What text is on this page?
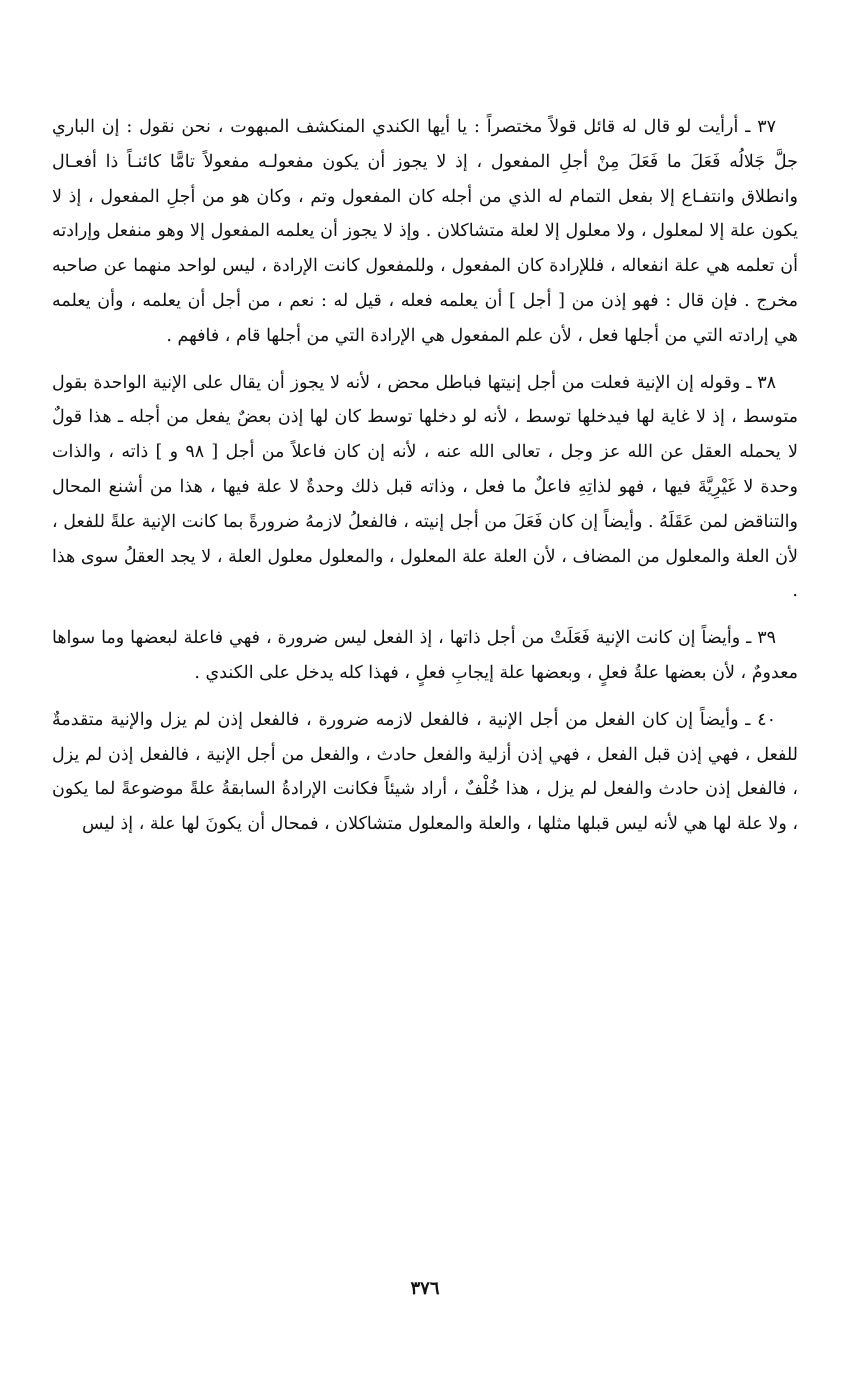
٣٧ ـ أرأيت لو قال له قائل قولاً مختصراً : يا أيها الكندي المنكشف المبهوت ، نحن نقول : إن الباري جلَّ جَلالُه فَعَلَ ما فَعَلَ مِنْ أجلِ المفعول ، إذ لا يجوز أن يكون مفعولـه مفعولاً تامًّا كائنـاً ذا أفعـال وانطلاق وانتفـاع إلا بفعل التمام له الذي من أجله كان المفعول وتم ، وكان هو من أجلِ المفعول ، إذ لا يكون علة إلا لمعلول ، ولا معلول إلا لعلة متشاكلان . وإذ لا يجوز أن يعلمه المفعول إلا وهو منفعل وإرادته أن تعلمه هي علة انفعاله ، فللإرادة كان المفعول ، وللمفعول كانت الإرادة ، ليس لواحد منهما عن صاحبه مخرج . فإن قال : فهو إذن من [ أجل ] أن يعلمه فعله ، قيل له : نعم ، من أجل أن يعلمه ، وأن يعلمه هي إرادته التي من أجلها فعل ، لأن علم المفعول هي الإرادة التي من أجلها قام ، فافهم .

٣٨ ـ وقوله إن الإنية فعلت من أجل إنيتها فباطل محض ، لأنه لا يجوز أن يقال على الإنية الواحدة بقول متوسط ، إذ لا غاية لها فيدخلها توسط ، لأنه لو دخلها توسط كان لها إذن بعضٌ يفعل من أجله ـ هذا قولٌ لا يحمله العقل عن الله عز وجل ، تعالى الله عنه ، لأنه إن كان فاعلاً من أجل [ ٩٨ و ] ذاته ، والذات وحدة لا غَيْرِيَّةَ فيها ، فهو لذاتِهِ فاعلٌ ما فعل ، وذاته قبل ذلك وحدةٌ لا علة فيها ، هذا من أشنع المحال والتناقض لمن عَقَلَهُ . وأيضاً إن كان فَعَلَ من أجل إنيته ، فالفعلُ لازمهُ ضرورةً بما كانت الإنية علةً للفعل ، لأن العلة والمعلول من المضاف ، لأن العلة علة المعلول ، والمعلول معلول العلة ، لا يجد العقلُ سوى هذا .

٣٩ ـ وأيضاً إن كانت الإنية فَعَلَتْ من أجل ذاتها ، إذ الفعل ليس ضرورة ، فهي فاعلة لبعضها وما سواها معدومٌ ، لأن بعضها علةُ فعلٍ ، وبعضها علة إيجابِ فعلٍ ، فهذا كله يدخل على الكندي .

٤٠ ـ وأيضاً إن كان الفعل من أجل الإنية ، فالفعل لازمه ضرورة ، فالفعل إذن لم يزل والإنية متقدمةٌ للفعل ، فهي إذن قبل الفعل ، فهي إذن أزلية والفعل حادث ، والفعل من أجل الإنية ، فالفعل إذن لم يزل ، فالفعل إذن حادث والفعل لم يزل ، هذا خُلْفٌ ، أراد شيئاً فكانت الإرادةُ السابقةُ علةً موضوعةً لما يكون ، ولا علة لها هي لأنه ليس قبلها مثلها ، والعلة والمعلول متشاكلان ، فمحال أن يكونَ لها علة ، إذ ليس

٣٧٦
